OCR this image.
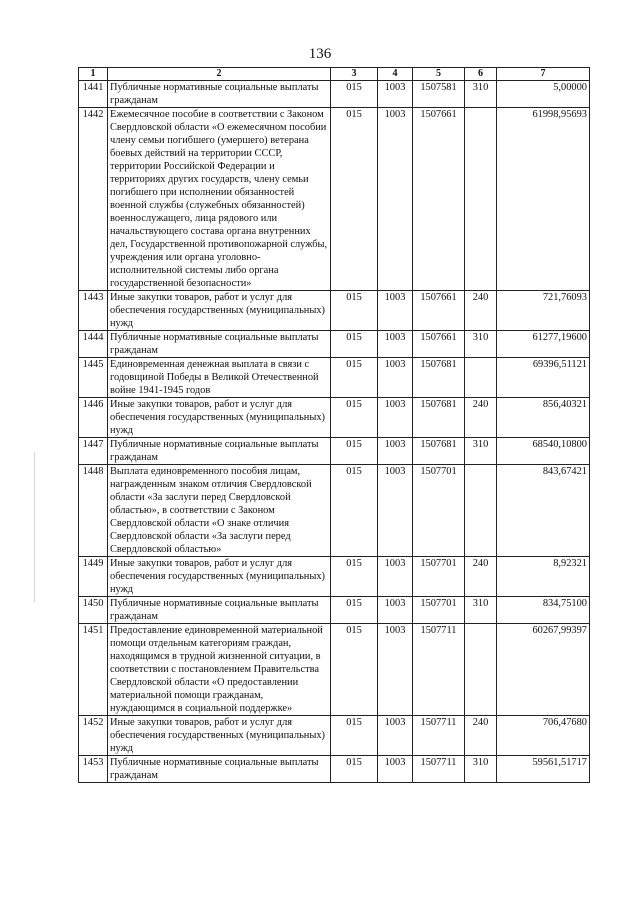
136
1	2	3	4	5	6	7
1441	Публичные нормативные социальные выплаты гражданам	015	1003	1507581	310	5,00000
1442	Ежемесячное пособие в соответствии с Законом Свердловской области «О ежемесячном пособии члену семьи погибшего (умершего) ветерана боевых действий на территории СССР, территории Российской Федерации и территориях других государств, члену семьи погибшего при исполнении обязанностей военной службы (служебных обязанностей) военнослужащего, лица рядового или начальствующего состава органа внутренних дел, Государственной противопожарной службы, учреждения или органа уголовно-исполнительной системы либо органа государственной безопасности»	015	1003	1507661		61998,95693
1443	Иные закупки товаров, работ и услуг для обеспечения государственных (муниципальных) нужд	015	1003	1507661	240	721,76093
1444	Публичные нормативные социальные выплаты гражданам	015	1003	1507661	310	61277,19600
1445	Единовременная денежная выплата в связи с годовщиной Победы в Великой Отечественной войне 1941-1945 годов	015	1003	1507681		69396,51121
1446	Иные закупки товаров, работ и услуг для обеспечения государственных (муниципальных) нужд	015	1003	1507681	240	856,40321
1447	Публичные нормативные социальные выплаты гражданам	015	1003	1507681	310	68540,10800
1448	Выплата единовременного пособия лицам, награжденным знаком отличия Свердловской области «За заслуги перед Свердловской областью», в соответствии с Законом Свердловской области «О знаке отличия Свердловской области «За заслуги перед Свердловской областью»	015	1003	1507701		843,67421
1449	Иные закупки товаров, работ и услуг для обеспечения государственных (муниципальных) нужд	015	1003	1507701	240	8,92321
1450	Публичные нормативные социальные выплаты гражданам	015	1003	1507701	310	834,75100
1451	Предоставление единовременной материальной помощи отдельным категориям граждан, находящимся в трудной жизненной ситуации, в соответствии с постановлением Правительства Свердловской области «О предоставлении материальной помощи гражданам, нуждающимся в социальной поддержке»	015	1003	1507711		60267,99397
1452	Иные закупки товаров, работ и услуг для обеспечения государственных (муниципальных) нужд	015	1003	1507711	240	706,47680
1453	Публичные нормативные социальные выплаты гражданам	015	1003	1507711	310	59561,51717
